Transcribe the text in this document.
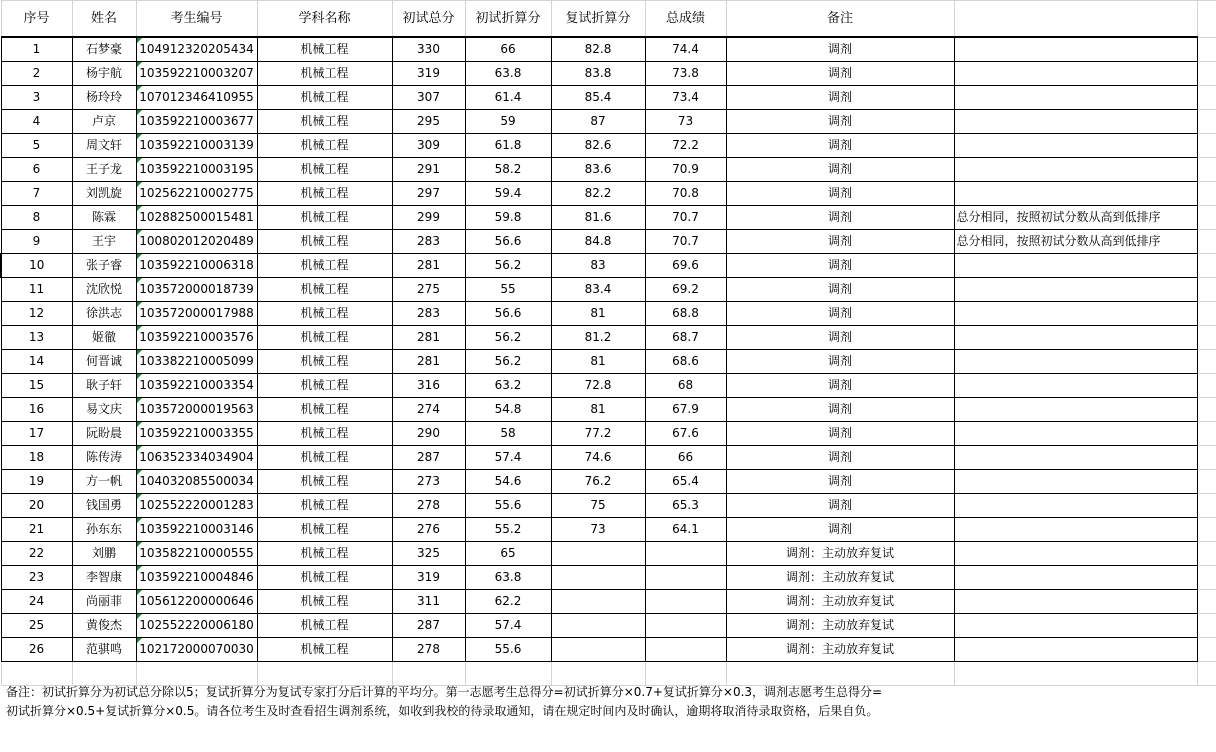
序号	姓名	考生编号	学科名称	初试总分	初试折算分	复试折算分	总成绩	备注		
1	石梦豪	104912320205434	机械工程	330	66	82.8	74.4	调剂		
2	杨宇航	103592210003207	机械工程	319	63.8	83.8	73.8	调剂		
3	杨玲玲	107012346410955	机械工程	307	61.4	85.4	73.4	调剂		
4	卢京	103592210003677	机械工程	295	59	87	73	调剂		
5	周文轩	103592210003139	机械工程	309	61.8	82.6	72.2	调剂		
6	王子龙	103592210003195	机械工程	291	58.2	83.6	70.9	调剂		
7	刘凯旋	102562210002775	机械工程	297	59.4	82.2	70.8	调剂		
8	陈霖	102882500015481	机械工程	299	59.8	81.6	70.7	调剂	总分相同，按照初试分数从高到低排序	
9	王宇	100802012020489	机械工程	283	56.6	84.8	70.7	调剂	总分相同，按照初试分数从高到低排序	
10	张子睿	103592210006318	机械工程	281	56.2	83	69.6	调剂		
11	沈欣悦	103572000018739	机械工程	275	55	83.4	69.2	调剂		
12	徐洪志	103572000017988	机械工程	283	56.6	81	68.8	调剂		
13	姬徹	103592210003576	机械工程	281	56.2	81.2	68.7	调剂		
14	何晋诚	103382210005099	机械工程	281	56.2	81	68.6	调剂		
15	耿子轩	103592210003354	机械工程	316	63.2	72.8	68	调剂		
16	易文庆	103572000019563	机械工程	274	54.8	81	67.9	调剂		
17	阮盼晨	103592210003355	机械工程	290	58	77.2	67.6	调剂		
18	陈传涛	106352334034904	机械工程	287	57.4	74.6	66	调剂		
19	方一帆	104032085500034	机械工程	273	54.6	76.2	65.4	调剂		
20	钱国勇	102552220001283	机械工程	278	55.6	75	65.3	调剂		
21	孙东东	103592210003146	机械工程	276	55.2	73	64.1	调剂		
22	刘鹏	103582210000555	机械工程	325	65			调剂：主动放弃复试		
23	李智康	103592210004846	机械工程	319	63.8			调剂：主动放弃复试		
24	尚丽菲	105612200000646	机械工程	311	62.2			调剂：主动放弃复试		
25	黄俊杰	102552220006180	机械工程	287	57.4			调剂：主动放弃复试		
26	范骐鸣	102172000070030	机械工程	278	55.6			调剂：主动放弃复试		

备注：初试折算分为初试总分除以5；复试折算分为复试专家打分后计算的平均分。第一志愿考生总得分=初试折算分×0.7+复试折算分×0.3，调剂志愿考生总得分=
初试折算分×0.5+复试折算分×0.5。请各位考生及时查看招生调剂系统，如收到我校的待录取通知，请在规定时间内及时确认，逾期将取消待录取资格，后果自负。
